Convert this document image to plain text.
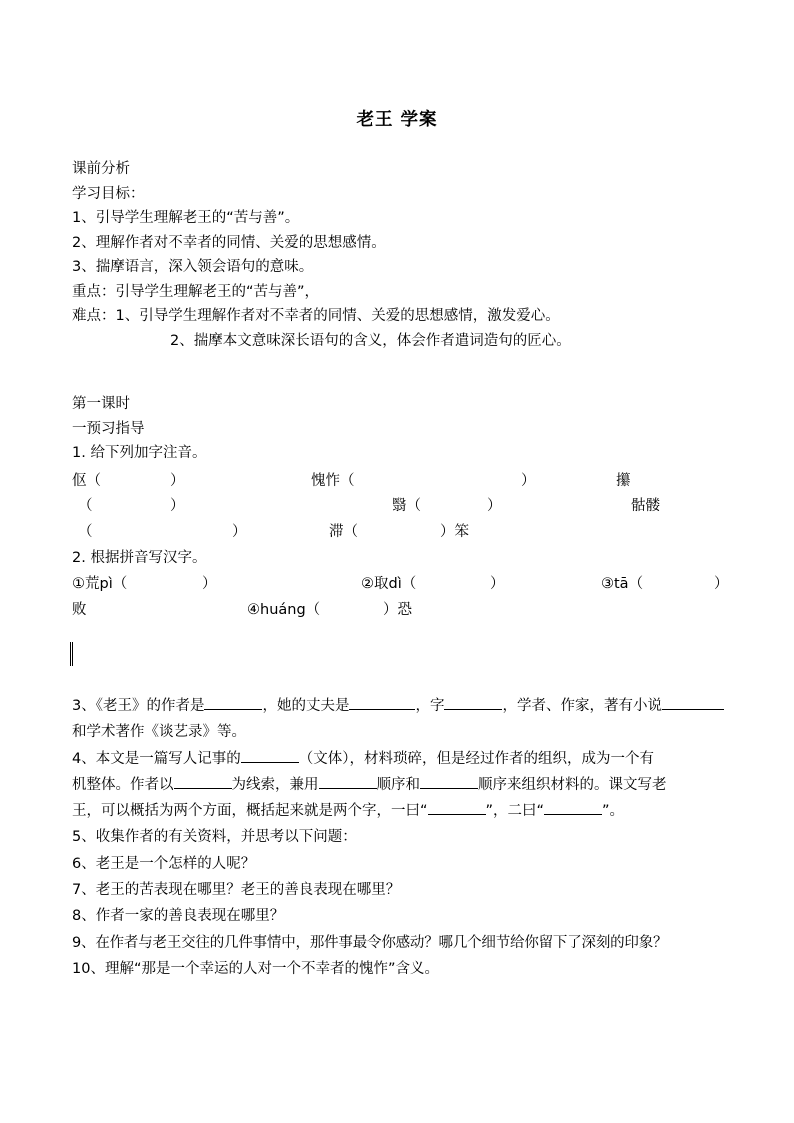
老王 学案
课前分析
学习目标：
1、引导学生理解老王的“苦与善”。
2、理解作者对不幸者的同情、关爱的思想感情。
3、揣摩语言，深入领会语句的意味。
重点：引导学生理解老王的“苦与善”，
难点：1、引导学生理解作者对不幸者的同情、关爱的思想感情，激发爱心。
2、揣摩本文意味深长语句的含义，体会作者遣词造句的匠心。
第一课时
一预习指导
1. 给下列加字注音。
伛（	）	愧怍（	）	攥
（	）	翳（	）	骷髅
（	）	滞（	）笨
2. 根据拼音写汉字。
①荒pì（	）	②取dì（	）	③tā（	）
败	④huáng（	）恐
3、《老王》的作者是	，她的丈夫是	，字	，学者、作家，著有小说
和学术著作《谈艺录》等。
4、本文是一篇写人记事的	（文体），材料琐碎，但是经过作者的组织，成为一个有
机整体。作者以	为线索，兼用	顺序和	顺序来组织材料的。课文写老
王，可以概括为两个方面，概括起来就是两个字，一曰“	”，二曰“	”。
5、收集作者的有关资料，并思考以下问题：
6、老王是一个怎样的人呢？
7、老王的苦表现在哪里？老王的善良表现在哪里？
8、作者一家的善良表现在哪里？
9、在作者与老王交往的几件事情中，那件事最令你感动？哪几个细节给你留下了深刻的印象？
10、理解“那是一个幸运的人对一个不幸者的愧怍”含义。
